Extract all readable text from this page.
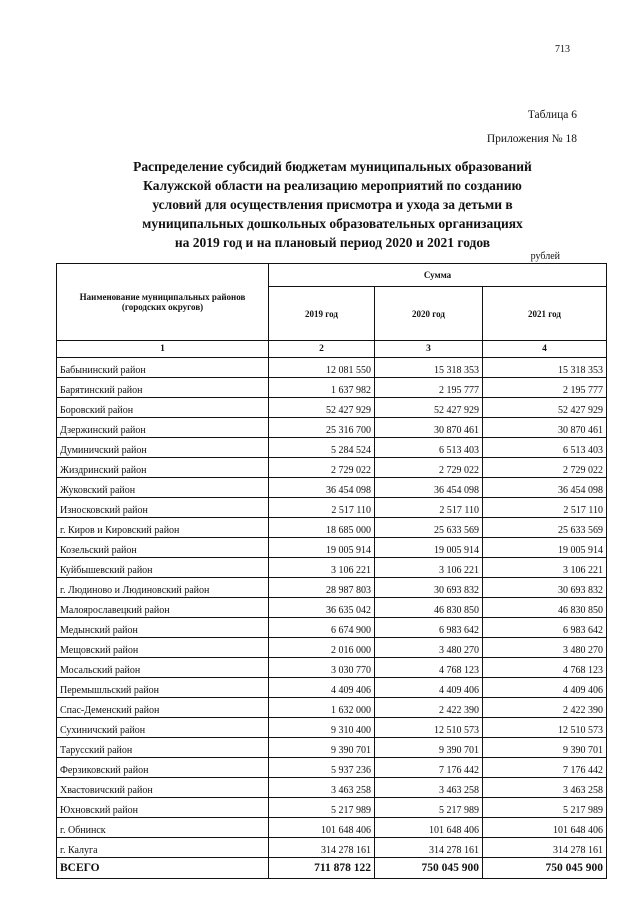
713
Таблица 6
Приложения № 18
Распределение субсидий бюджетам муниципальных образований
Калужской области на реализацию мероприятий по созданию
условий для осуществления присмотра и ухода за детьми в
муниципальных дошкольных образовательных организациях
на 2019 год и на плановый период 2020 и 2021 годов
рублей
Наименование муниципальных районов (городских округов)	Сумма		
	2019 год	2020 год	2021 год
1	2	3	4
Бабынинский район	12 081 550	15 318 353	15 318 353
Барятинский район	1 637 982	2 195 777	2 195 777
Боровский район	52 427 929	52 427 929	52 427 929
Дзержинский район	25 316 700	30 870 461	30 870 461
Думиничский район	5 284 524	6 513 403	6 513 403
Жиздринский район	2 729 022	2 729 022	2 729 022
Жуковский район	36 454 098	36 454 098	36 454 098
Износковский район	2 517 110	2 517 110	2 517 110
г. Киров и Кировский район	18 685 000	25 633 569	25 633 569
Козельский район	19 005 914	19 005 914	19 005 914
Куйбышевский район	3 106 221	3 106 221	3 106 221
г. Людиново и Людиновский район	28 987 803	30 693 832	30 693 832
Малоярославецкий район	36 635 042	46 830 850	46 830 850
Медынский район	6 674 900	6 983 642	6 983 642
Мещовский район	2 016 000	3 480 270	3 480 270
Мосальский район	3 030 770	4 768 123	4 768 123
Перемышльский район	4 409 406	4 409 406	4 409 406
Спас-Деменский район	1 632 000	2 422 390	2 422 390
Сухиничский район	9 310 400	12 510 573	12 510 573
Тарусский район	9 390 701	9 390 701	9 390 701
Ферзиковский район	5 937 236	7 176 442	7 176 442
Хвастовичский район	3 463 258	3 463 258	3 463 258
Юхновский район	5 217 989	5 217 989	5 217 989
г. Обнинск	101 648 406	101 648 406	101 648 406
г. Калуга	314 278 161	314 278 161	314 278 161
ВСЕГО	711 878 122	750 045 900	750 045 900
